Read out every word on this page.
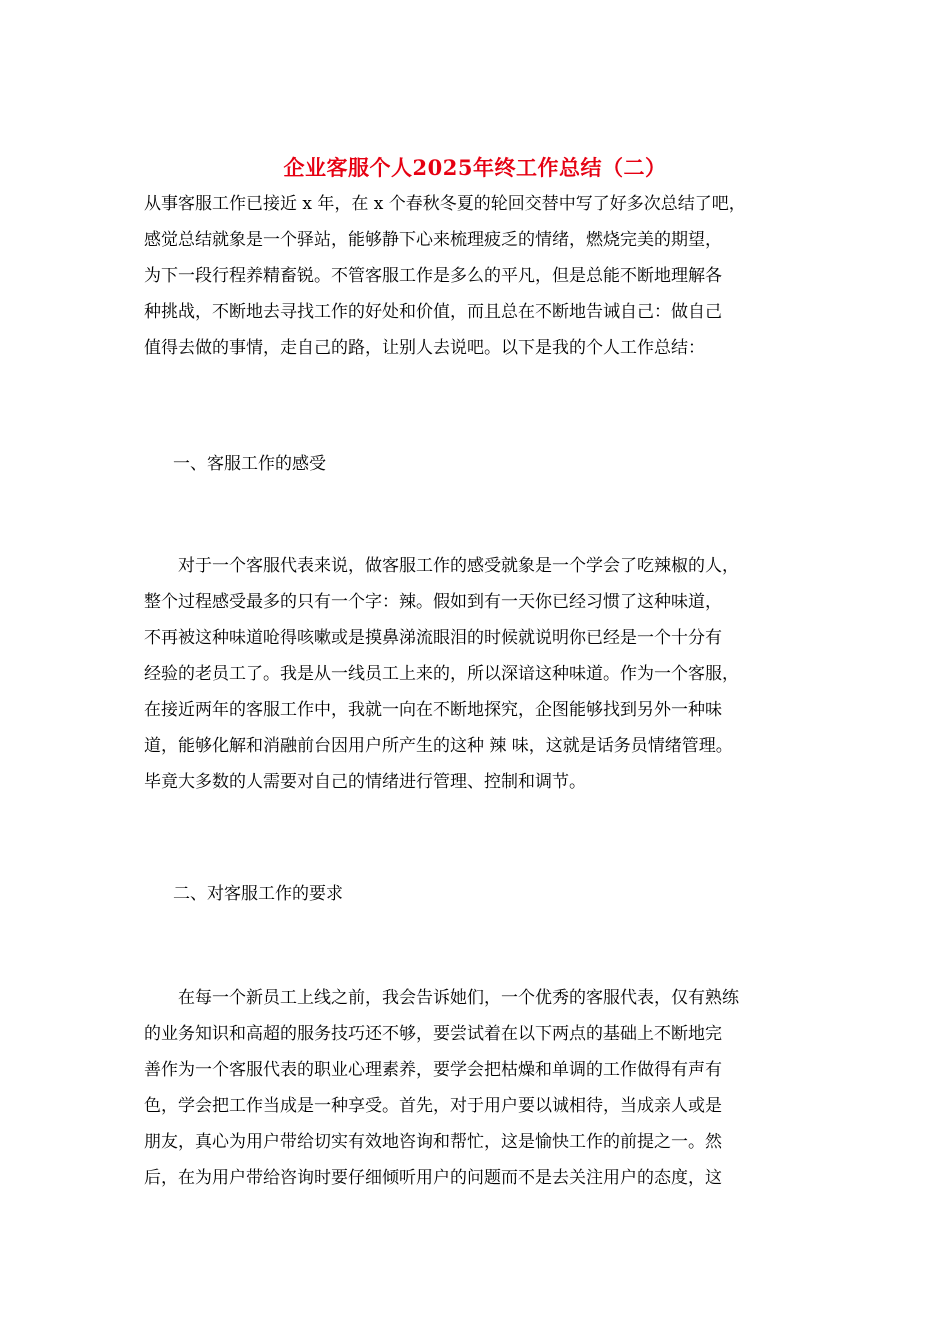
企业客服个人2025年终工作总结（二）
从事客服工作已接近 x 年，在 x 个春秋冬夏的轮回交替中写了好多次总结了吧，
感觉总结就象是一个驿站，能够静下心来梳理疲乏的情绪，燃烧完美的期望，
为下一段行程养精畜锐。不管客服工作是多么的平凡，但是总能不断地理解各
种挑战，不断地去寻找工作的好处和价值，而且总在不断地告诫自己：做自己
值得去做的事情，走自己的路，让别人去说吧。以下是我的个人工作总结：
一、客服工作的感受
　　对于一个客服代表来说，做客服工作的感受就象是一个学会了吃辣椒的人，
整个过程感受最多的只有一个字：辣。假如到有一天你已经习惯了这种味道，
不再被这种味道呛得咳嗽或是摸鼻涕流眼泪的时候就说明你已经是一个十分有
经验的老员工了。我是从一线员工上来的，所以深谙这种味道。作为一个客服，
在接近两年的客服工作中，我就一向在不断地探究，企图能够找到另外一种味
道，能够化解和消融前台因用户所产生的这种 辣 味，这就是话务员情绪管理。
毕竟大多数的人需要对自己的情绪进行管理、控制和调节。
二、对客服工作的要求
　　在每一个新员工上线之前，我会告诉她们，一个优秀的客服代表，仅有熟练
的业务知识和高超的服务技巧还不够，要尝试着在以下两点的基础上不断地完
善作为一个客服代表的职业心理素养，要学会把枯燥和单调的工作做得有声有
色，学会把工作当成是一种享受。首先，对于用户要以诚相待，当成亲人或是
朋友，真心为用户带给切实有效地咨询和帮忙，这是愉快工作的前提之一。然
后，在为用户带给咨询时要仔细倾听用户的问题而不是去关注用户的态度，这
